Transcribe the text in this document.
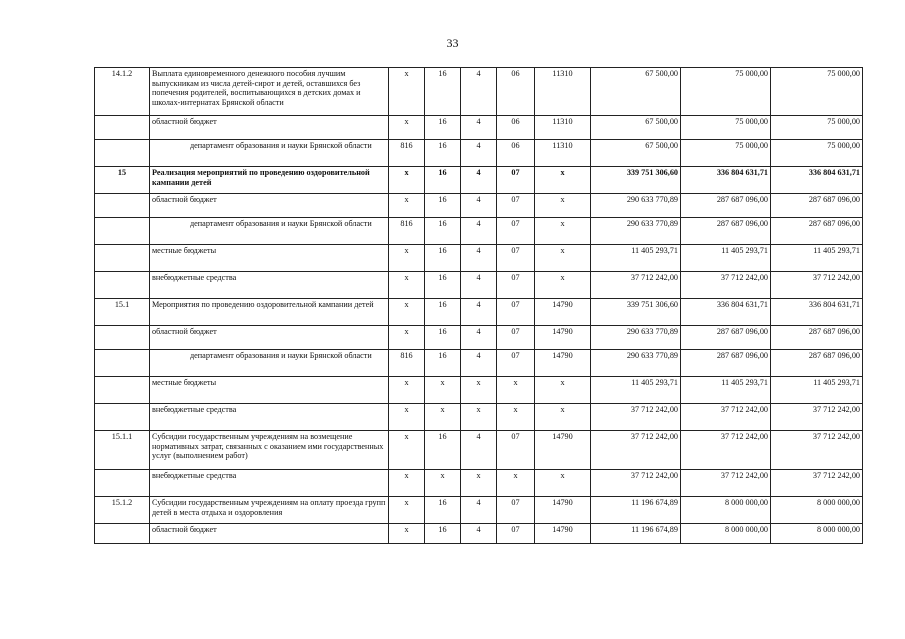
33
14.1.2	Выплата единовременного денежного пособия лучшим выпускникам из числа детей-сирот и детей, оставшихся без попечения родителей, воспитывающихся в детских домах и школах-интернатах Брянской области	x	16	4	06	11310	67 500,00	75 000,00	75 000,00
	областной бюджет	x	16	4	06	11310	67 500,00	75 000,00	75 000,00
	департамент образования и науки Брянской области	816	16	4	06	11310	67 500,00	75 000,00	75 000,00
15	Реализация мероприятий по проведению оздоровительной кампании детей	x	16	4	07	x	339 751 306,60	336 804 631,71	336 804 631,71
	областной бюджет	x	16	4	07	x	290 633 770,89	287 687 096,00	287 687 096,00
	департамент образования и науки Брянской области	816	16	4	07	x	290 633 770,89	287 687 096,00	287 687 096,00
	местные бюджеты	x	16	4	07	x	11 405 293,71	11 405 293,71	11 405 293,71
	внебюджетные средства	x	16	4	07	x	37 712 242,00	37 712 242,00	37 712 242,00
15.1	Мероприятия по проведению оздоровительной кампании детей	x	16	4	07	14790	339 751 306,60	336 804 631,71	336 804 631,71
	областной бюджет	x	16	4	07	14790	290 633 770,89	287 687 096,00	287 687 096,00
	департамент образования и науки Брянской области	816	16	4	07	14790	290 633 770,89	287 687 096,00	287 687 096,00
	местные бюджеты	x	x	x	x	x	11 405 293,71	11 405 293,71	11 405 293,71
	внебюджетные средства	x	x	x	x	x	37 712 242,00	37 712 242,00	37 712 242,00
15.1.1	Субсидии государственным учреждениям на возмещение нормативных затрат, связанных с оказанием ими государственных услуг (выполнением работ)	x	16	4	07	14790	37 712 242,00	37 712 242,00	37 712 242,00
	внебюджетные средства	x	x	x	x	x	37 712 242,00	37 712 242,00	37 712 242,00
15.1.2	Субсидии государственным учреждениям на оплату проезда групп детей в места отдыха и оздоровления	x	16	4	07	14790	11 196 674,89	8 000 000,00	8 000 000,00
	областной бюджет	x	16	4	07	14790	11 196 674,89	8 000 000,00	8 000 000,00
